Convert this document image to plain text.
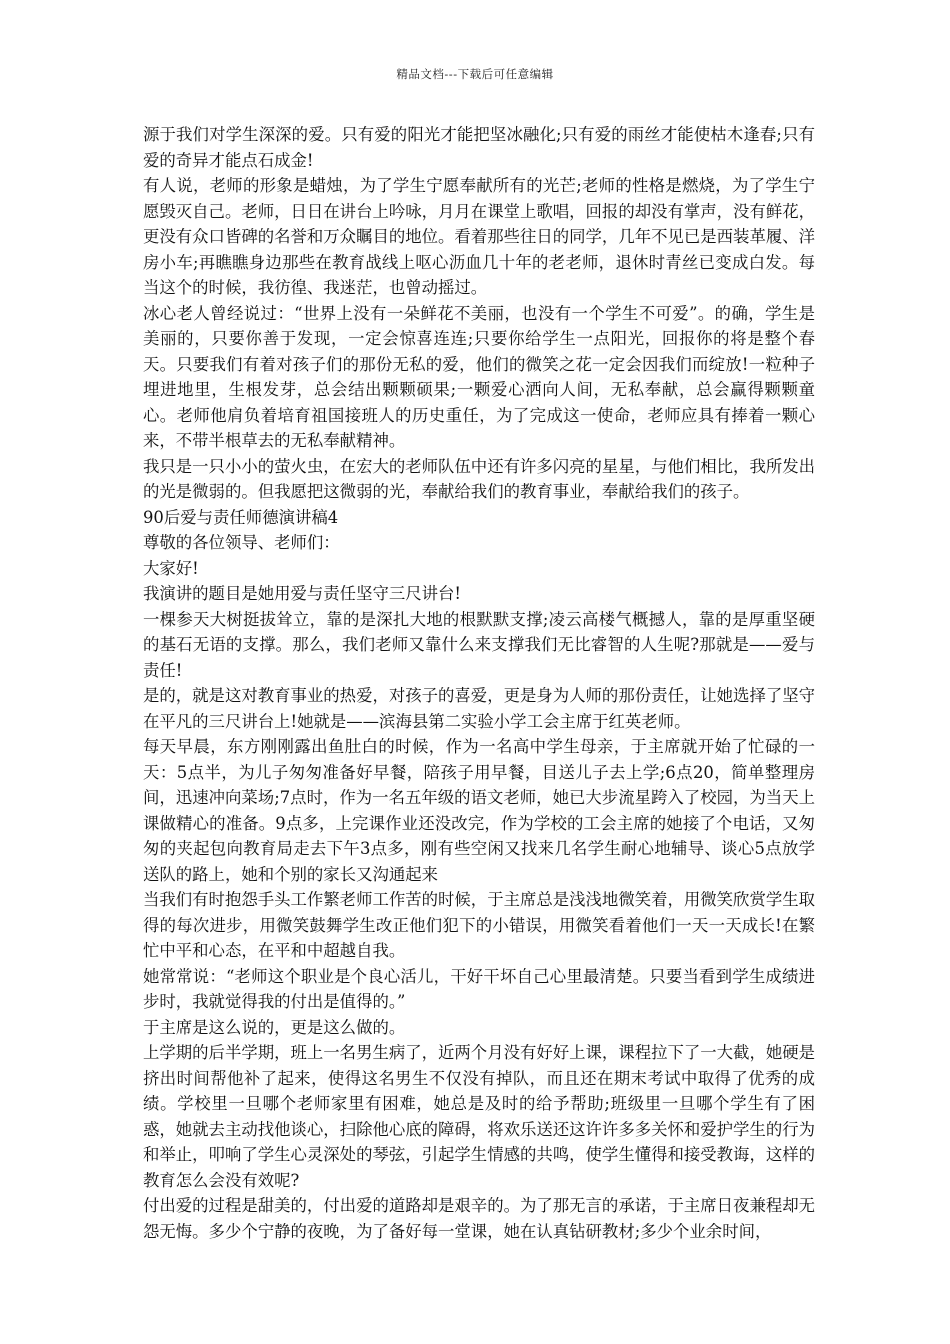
精品文档---下载后可任意编辑

源于我们对学生深深的爱。只有爱的阳光才能把坚冰融化;只有爱的雨丝才能使枯木逢春;只有爱的奇异才能点石成金!

有人说，老师的形象是蜡烛，为了学生宁愿奉献所有的光芒;老师的性格是燃烧，为了学生宁愿毁灭自己。老师，日日在讲台上吟咏，月月在课堂上歌唱，回报的却没有掌声，没有鲜花，更没有众口皆碑的名誉和万众瞩目的地位。看着那些往日的同学，几年不见已是西装革履、洋房小车;再瞧瞧身边那些在教育战线上呕心沥血几十年的老老师，退休时青丝已变成白发。每当这个的时候，我彷徨、我迷茫，也曾动摇过。

冰心老人曾经说过：“世界上没有一朵鲜花不美丽，也没有一个学生不可爱”。的确，学生是美丽的，只要你善于发现，一定会惊喜连连;只要你给学生一点阳光，回报你的将是整个春天。只要我们有着对孩子们的那份无私的爱，他们的微笑之花一定会因我们而绽放!一粒种子埋进地里，生根发芽，总会结出颗颗硕果;一颗爱心洒向人间，无私奉献，总会赢得颗颗童心。老师他肩负着培育祖国接班人的历史重任，为了完成这一使命，老师应具有捧着一颗心来，不带半根草去的无私奉献精神。

我只是一只小小的萤火虫，在宏大的老师队伍中还有许多闪亮的星星，与他们相比，我所发出的光是微弱的。但我愿把这微弱的光，奉献给我们的教育事业，奉献给我们的孩子。

90后爱与责任师德演讲稿4

尊敬的各位领导、老师们：

大家好!

我演讲的题目是她用爱与责任坚守三尺讲台!

一棵参天大树挺拔耸立，靠的是深扎大地的根默默支撑;凌云高楼气概撼人，靠的是厚重坚硬的基石无语的支撑。那么，我们老师又靠什么来支撑我们无比睿智的人生呢?那就是——爱与责任!

是的，就是这对教育事业的热爱，对孩子的喜爱，更是身为人师的那份责任，让她选择了坚守在平凡的三尺讲台上!她就是——滨海县第二实验小学工会主席于红英老师。

每天早晨，东方刚刚露出鱼肚白的时候，作为一名高中学生母亲，于主席就开始了忙碌的一天：5点半，为儿子匆匆准备好早餐，陪孩子用早餐，目送儿子去上学;6点20，简单整理房间，迅速冲向菜场;7点时，作为一名五年级的语文老师，她已大步流星跨入了校园，为当天上课做精心的准备。9点多，上完课作业还没改完，作为学校的工会主席的她接了个电话，又匆匆的夹起包向教育局走去下午3点多，刚有些空闲又找来几名学生耐心地辅导、谈心5点放学送队的路上，她和个别的家长又沟通起来

当我们有时抱怨手头工作繁老师工作苦的时候，于主席总是浅浅地微笑着，用微笑欣赏学生取得的每次进步，用微笑鼓舞学生改正他们犯下的小错误，用微笑看着他们一天一天成长!在繁忙中平和心态，在平和中超越自我。

她常常说：“老师这个职业是个良心活儿，干好干坏自己心里最清楚。只要当看到学生成绩进步时，我就觉得我的付出是值得的。”

于主席是这么说的，更是这么做的。

上学期的后半学期，班上一名男生病了，近两个月没有好好上课，课程拉下了一大截，她硬是挤出时间帮他补了起来，使得这名男生不仅没有掉队，而且还在期末考试中取得了优秀的成绩。学校里一旦哪个老师家里有困难，她总是及时的给予帮助;班级里一旦哪个学生有了困惑，她就去主动找他谈心，扫除他心底的障碍，将欢乐送还这许许多多关怀和爱护学生的行为和举止，叩响了学生心灵深处的琴弦，引起学生情感的共鸣，使学生懂得和接受教诲，这样的教育怎么会没有效呢?

付出爱的过程是甜美的，付出爱的道路却是艰辛的。为了那无言的承诺，于主席日夜兼程却无怨无悔。多少个宁静的夜晚，为了备好每一堂课，她在认真钻研教材;多少个业余时间，
